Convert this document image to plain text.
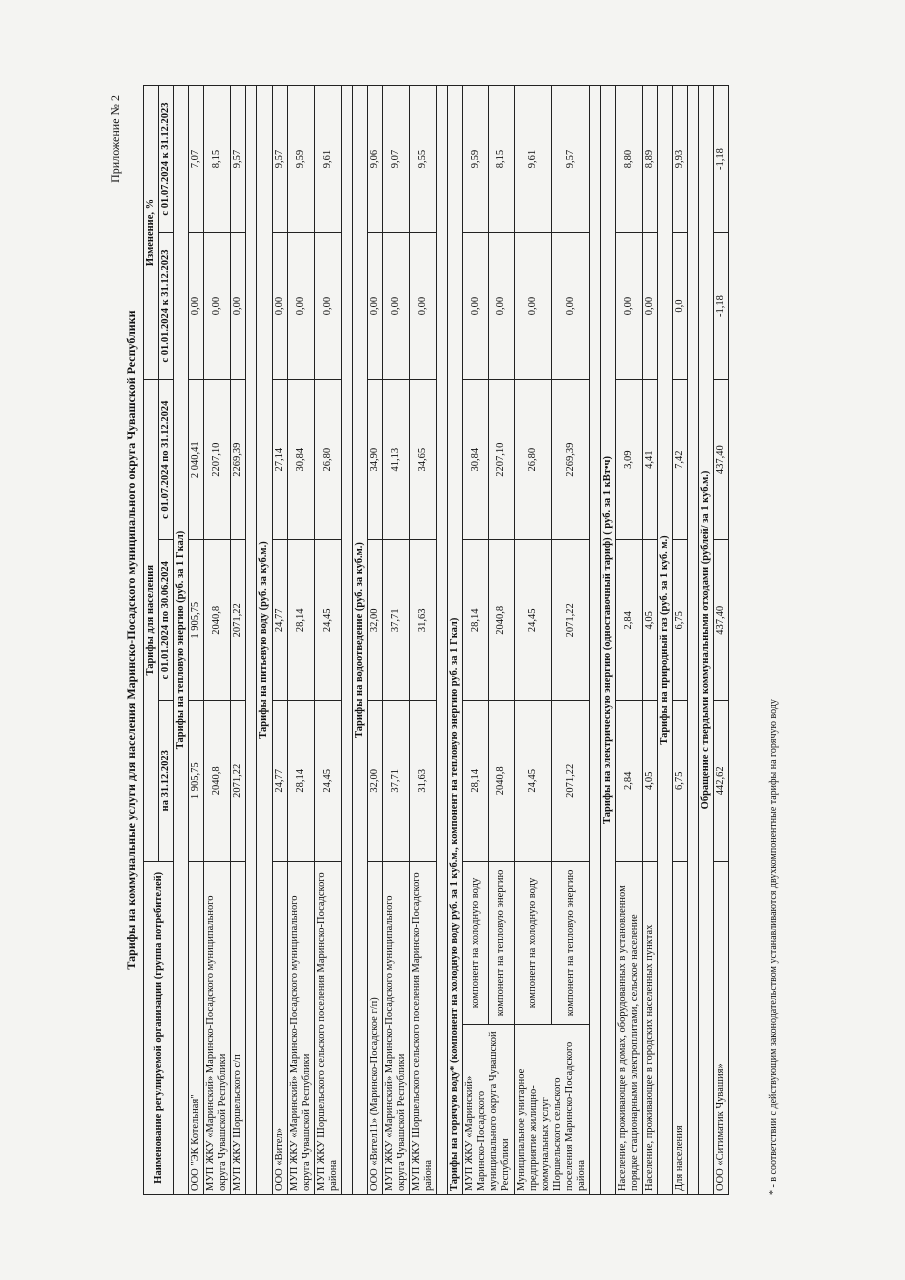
Приложение № 2
Тарифы на коммунальные услуги для населения Маринско-Посадского муниципального округа Чувашской Республики
Наименование регулируемой организации (группа потребителей)		Тарифы для населения			Изменение, %	
		на 31.12.2023	с 01.01.2024 по 30.06.2024	с 01.07.2024 по 31.12.2024	с 01.01.2024 к 31.12.2023	с 01.07.2024 к 31.12.2023
Тарифы на тепловую энергию (руб. за 1 Гкал)						
ООО "ЭК Котельная"		1 905,75	1 905,75	2 040,41	0,00	7,07
МУП ЖКУ «Маринский» Маринско-Посадского муниципального округа Чувашской Республики		2040,8	2040,8	2207,10	0,00	8,15
МУП ЖКУ Шоршельского с/п		2071,22	2071,22	2269,39	0,00	9,57

Тарифы на питьевую воду (руб. за куб.м.)						
ООО «Вител»		24,77	24,77	27,14	0,00	9,57
МУП ЖКУ «Маринский» Маринско-Посадского муниципального округа Чувашской Республики		28,14	28,14	30,84	0,00	9,59
МУП ЖКУ Шоршельского сельского поселения Маринско-Посадского района		24,45	24,45	26,80	0,00	9,61

Тарифы на водоотведение (руб. за куб.м.)						
ООО «Вител11» (Маринско-Посадское г/п)		32,00	32,00	34,90	0,00	9,06
МУП ЖКУ «Маринский» Маринско-Посадского муниципального округа Чувашской Республики		37,71	37,71	41,13	0,00	9,07
МУП ЖКУ Шоршельского сельского поселения Маринско-Посадского района		31,63	31,63	34,65	0,00	9,55

Тарифы на горячую воду* (компонент на холодную воду руб. за 1 куб.м., компонент на тепловую энергию руб. за 1 Гкал)						
МУП ЖКУ «Маринский» Маринско-Посадского муниципального округа Чувашской Республики	компонент на холодную воду	28,14	28,14	30,84	0,00	9,59
	компонент на тепловую энергию	2040,8	2040,8	2207,10	0,00	8,15
Муниципальное унитарное предприятие жилищно-коммунальных услуг Шоршельского сельского поселения Маринско-Посадского района	компонент на холодную воду	24,45	24,45	26,80	0,00	9,61
	компонент на тепловую энергию	2071,22	2071,22	2269,39	0,00	9,57

Тарифы на электрическую энергию (одноставочный тариф) ( руб. за 1 кВт•ч)						
Население, проживающее в домах, оборудованных в установленном порядке стационарными электроплитами, сельское население		2,84	2,84	3,09	0,00	8,80
Население, проживающее в городских населенных пунктах		4,05	4,05	4,41	0,00	8,89
Тарифы на природный газ (руб. за 1 куб. м.)						
Для населения		6,75	6,75	7,42	0,0	9,93

Обращение с твердыми коммунальными отходами (рублей/ за 1 куб.м.)						
ООО «Ситиматик Чувашия»		442,62	437,40	437,40	-1,18	-1,18
* - в соответствии с действующим законодательством устанавливаются двухкомпонентные тарифы на горячую воду
